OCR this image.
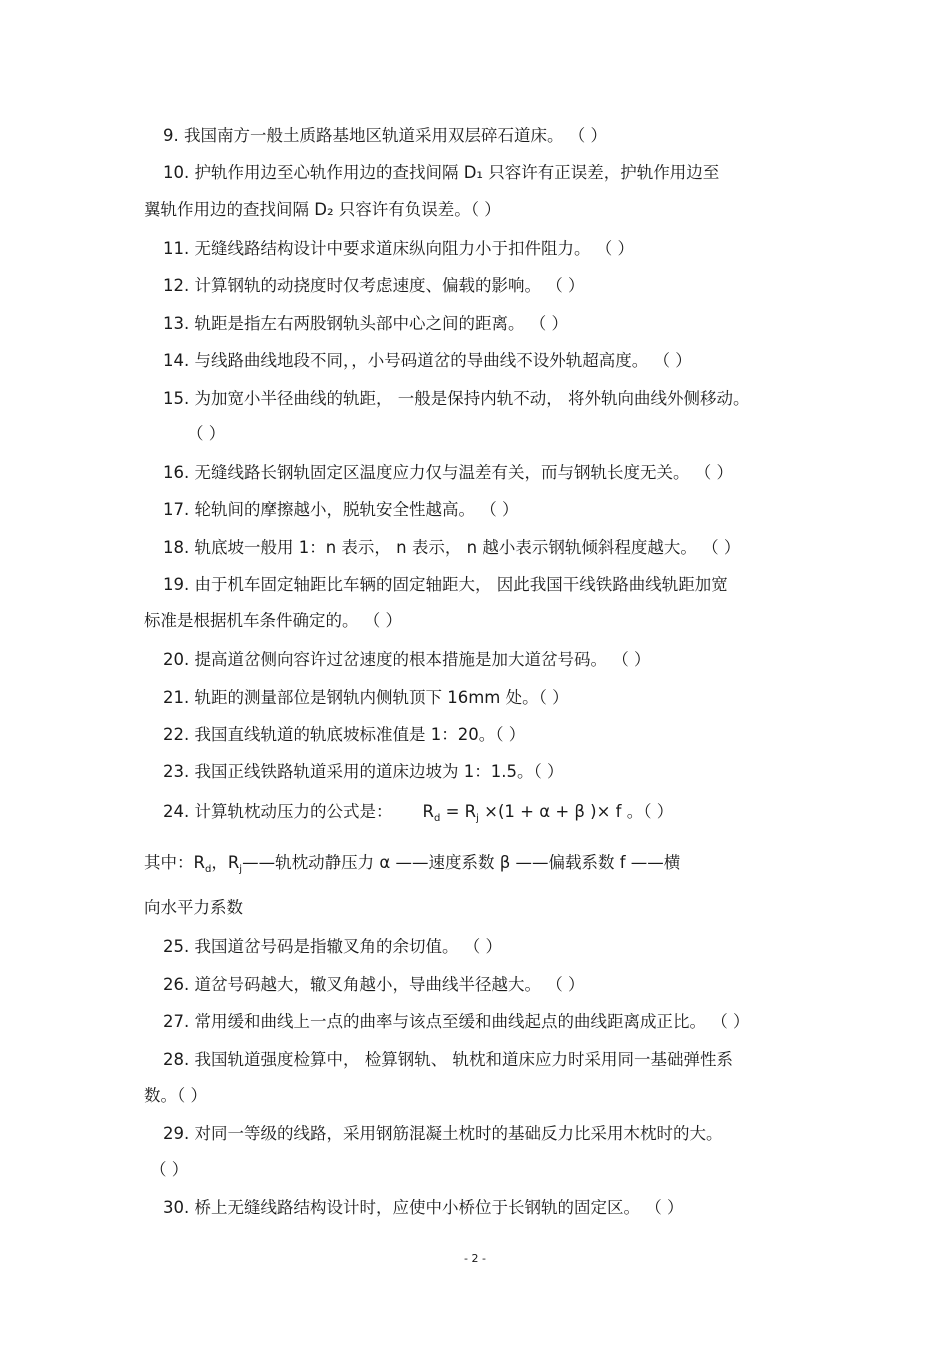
9. 我国南方一般土质路基地区轨道采用双层碎石道床。 （ ）
10. 护轨作用边至心轨作用边的查找间隔 D₁ 只容许有正误差，护轨作用边至
翼轨作用边的查找间隔 D₂ 只容许有负误差。（ ）
11. 无缝线路结构设计中要求道床纵向阻力小于扣件阻力。 （ ）
12. 计算钢轨的动挠度时仅考虑速度、偏载的影响。 （ ）
13. 轨距是指左右两股钢轨头部中心之间的距离。 （ ）
14. 与线路曲线地段不同，，小号码道岔的导曲线不设外轨超高度。 （ ）
15. 为加宽小半径曲线的轨距， 一般是保持内轨不动， 将外轨向曲线外侧移动。
（ ）
16. 无缝线路长钢轨固定区温度应力仅与温差有关，而与钢轨长度无关。 （ ）
17. 轮轨间的摩擦越小，脱轨安全性越高。 （ ）
18. 轨底坡一般用 1：n 表示， n 表示， n 越小表示钢轨倾斜程度越大。 （ ）
19. 由于机车固定轴距比车辆的固定轴距大， 因此我国干线铁路曲线轨距加宽
标准是根据机车条件确定的。 （ ）
20. 提高道岔侧向容许过岔速度的根本措施是加大道岔号码。 （ ）
21. 轨距的测量部位是钢轨内侧轨顶下 16mm 处。（ ）
22. 我国直线轨道的轨底坡标准值是 1：20。（ ）
23. 我国正线铁路轨道采用的道床边坡为 1：1.5。（ ）
24. 计算轨枕动压力的公式是： $R_d = R_j \times(1 + \alpha + \beta$ )× f 。（ ）
其中：$R_d$，$R_j——$轨枕动静压力 α ——速度系数 β ——偏载系数 f ——横
向水平力系数
25. 我国道岔号码是指辙叉角的余切值。 （ ）
26. 道岔号码越大，辙叉角越小，导曲线半径越大。 （ ）
27. 常用缓和曲线上一点的曲率与该点至缓和曲线起点的曲线距离成正比。 （ ）
28. 我国轨道强度检算中， 检算钢轨、 轨枕和道床应力时采用同一基础弹性系
数。（ ）
29. 对同一等级的线路，采用钢筋混凝土枕时的基础反力比采用木枕时的大。
（ ）
30. 桥上无缝线路结构设计时，应使中小桥位于长钢轨的固定区。 （ ）
- 2 -
